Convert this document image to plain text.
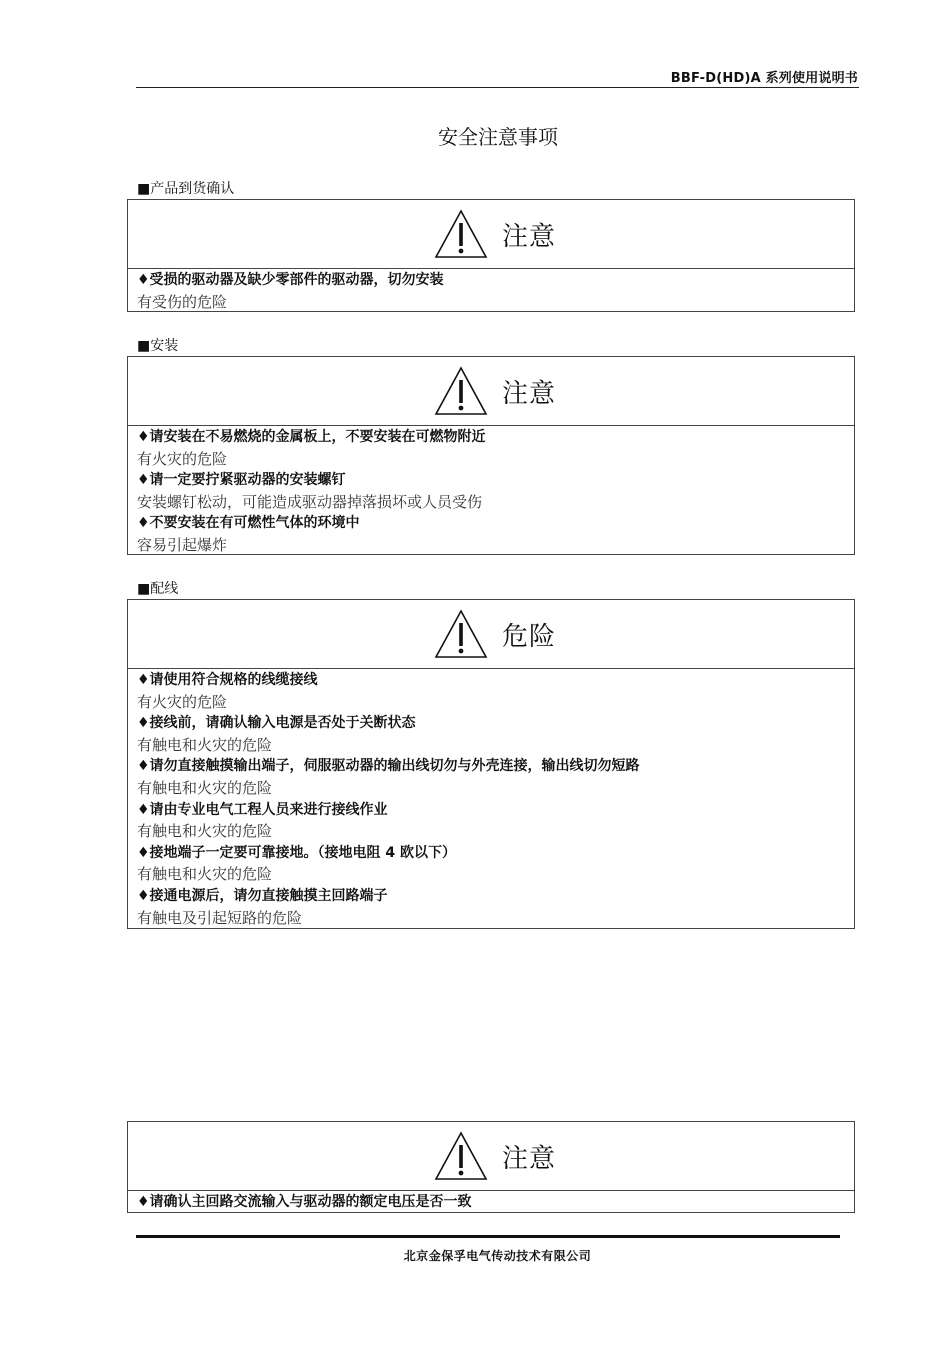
BBF-D(HD)A 系列使用说明书
安全注意事项
■产品到货确认
注意
♦受损的驱动器及缺少零部件的驱动器，切勿安装
有受伤的危险
■安装
注意
♦请安装在不易燃烧的金属板上，不要安装在可燃物附近
有火灾的危险
♦请一定要拧紧驱动器的安装螺钉
安装螺钉松动，可能造成驱动器掉落损坏或人员受伤
♦不要安装在有可燃性气体的环境中
容易引起爆炸
■配线
危险
♦请使用符合规格的线缆接线
有火灾的危险
♦接线前，请确认输入电源是否处于关断状态
有触电和火灾的危险
♦请勿直接触摸输出端子，伺服驱动器的输出线切勿与外壳连接，输出线切勿短路
有触电和火灾的危险
♦请由专业电气工程人员来进行接线作业
有触电和火灾的危险
♦接地端子一定要可靠接地。（接地电阻 4 欧以下）
有触电和火灾的危险
♦接通电源后，请勿直接触摸主回路端子
有触电及引起短路的危险
注意
♦请确认主回路交流输入与驱动器的额定电压是否一致
北京金保孚电气传动技术有限公司
